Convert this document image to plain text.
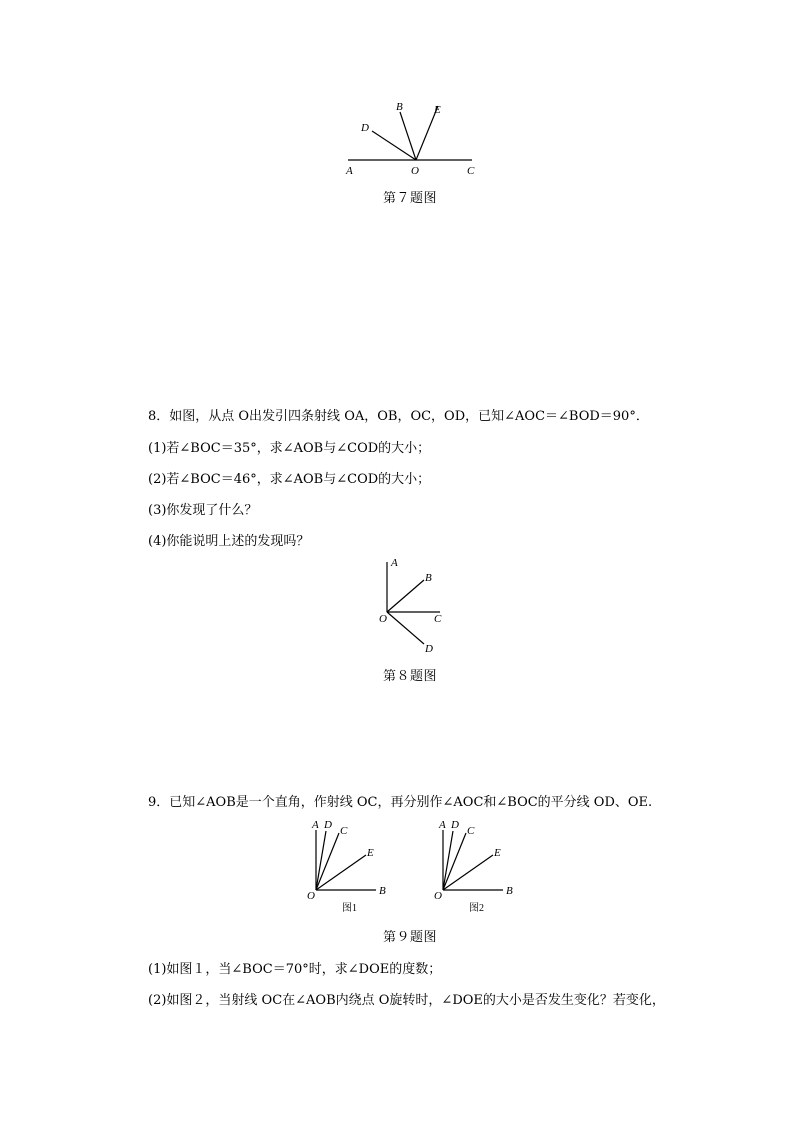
A	O	C
D
B	E
第７题图
8．如图，从点 O出发引四条射线 OA，OB，OC，OD，已知∠AOC＝∠BOD＝90°．
(1)若∠BOC＝35°，求∠AOB与∠COD的大小；
(2)若∠BOC＝46°，求∠AOB与∠COD的大小；
(3)你发现了什么？
(4)你能说明上述的发现吗？
A
B
C
D
O
第８题图
9．已知∠AOB是一个直角，作射线 OC，再分别作∠AOC和∠BOC的平分线 OD、OE.
A D C
E
O	B
图1
A D C
E
O	B
图2
第９题图
(1)如图１，当∠BOC＝70°时，求∠DOE的度数；
(2)如图２，当射线 OC在∠AOB内绕点 O旋转时，∠DOE的大小是否发生变化？若变化，
